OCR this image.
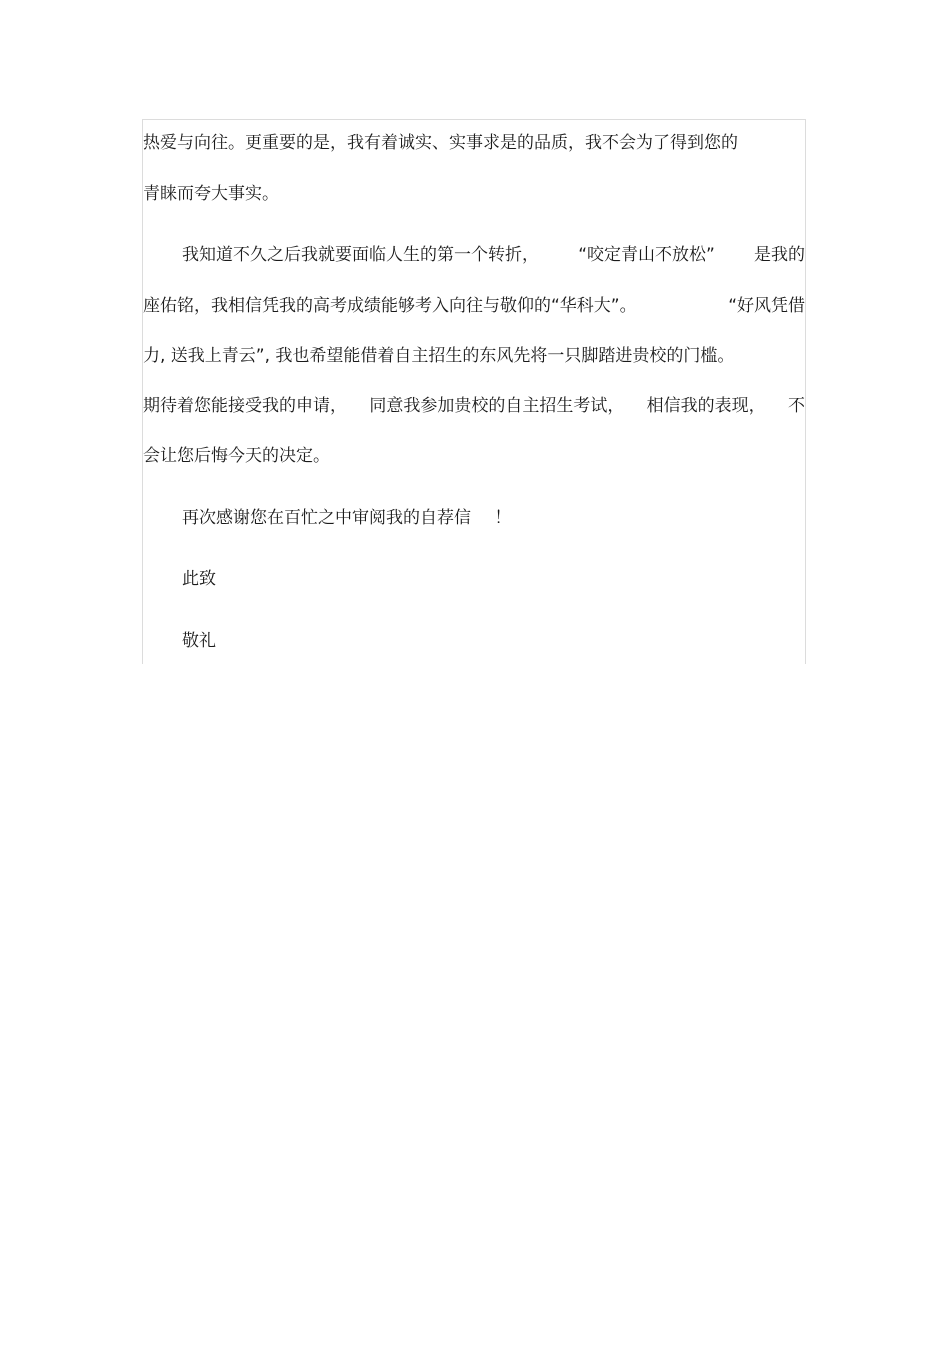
热爱与向往。更重要的是，我有着诚实、实事求是的品质，我不会为了得到您的
青睐而夸大事实。
我知道不久之后我就要面临人生的第一个转折， “咬定青山不放松” 是我的
座佑铭，我相信凭我的高考成绩能够考入向往与敬仰的“华科大”。	“好风凭借
力, 送我上青云”, 我也希望能借着自主招生的东风先将一只脚踏进贵校的门槛。
期待着您能接受我的申请， 同意我参加贵校的自主招生考试， 相信我的表现， 不
会让您后悔今天的决定。
再次感谢您在百忙之中审阅我的自荐信 ！
此致
敬礼
